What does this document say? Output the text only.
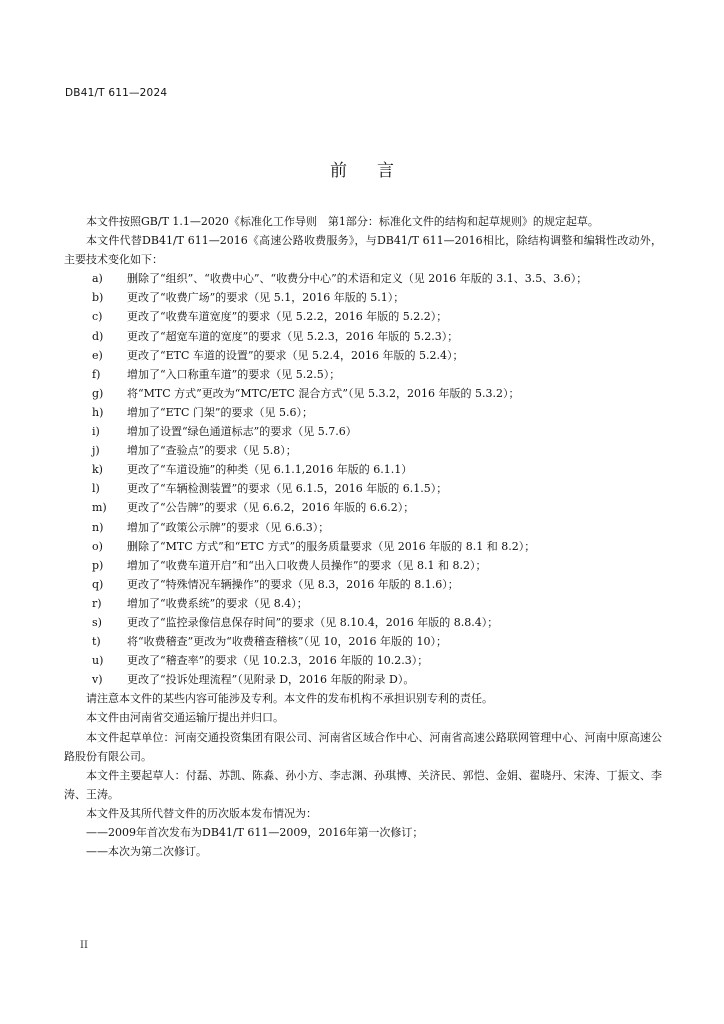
DB41/T 611—2024
前言

本文件按照GB/T 1.1—2020《标准化工作导则　第1部分：标准化文件的结构和起草规则》的规定起草。

本文件代替DB41/T 611—2016《高速公路收费服务》，与DB41/T 611—2016相比，除结构调整和编辑性改动外，主要技术变化如下：

a)	删除了“组织”、“收费中心”、“收费分中心”的术语和定义（见 2016 年版的 3.1、3.5、3.6）；
b)	更改了“收费广场”的要求（见 5.1，2016 年版的 5.1）；
c)	更改了“收费车道宽度”的要求（见 5.2.2，2016 年版的 5.2.2）；
d)	更改了“超宽车道的宽度”的要求（见 5.2.3，2016 年版的 5.2.3）；
e)	更改了“ETC 车道的设置”的要求（见 5.2.4，2016 年版的 5.2.4）；
f)	增加了“入口称重车道”的要求（见 5.2.5）；
g)	将“MTC 方式”更改为“MTC/ETC 混合方式”（见 5.3.2，2016 年版的 5.3.2）；
h)	增加了“ETC 门架”的要求（见 5.6）；
i)	增加了设置“绿色通道标志”的要求（见 5.7.6）
j)	增加了“查验点”的要求（见 5.8）；
k)	更改了“车道设施”的种类（见 6.1.1,2016 年版的 6.1.1）
l)	更改了“车辆检测装置”的要求（见 6.1.5，2016 年版的 6.1.5）；
m)	更改了“公告牌”的要求（见 6.6.2，2016 年版的 6.6.2）；
n)	增加了“政策公示牌”的要求（见 6.6.3）；
o)	删除了“MTC 方式”和“ETC 方式”的服务质量要求（见 2016 年版的 8.1 和 8.2）；
p)	增加了“收费车道开启”和“出入口收费人员操作”的要求（见 8.1 和 8.2）；
q)	更改了“特殊情况车辆操作”的要求（见 8.3，2016 年版的 8.1.6）；
r)	增加了“收费系统”的要求（见 8.4）；
s)	更改了“监控录像信息保存时间”的要求（见 8.10.4，2016 年版的 8.8.4）；
t)	将“收费稽查”更改为“收费稽查稽核”（见 10，2016 年版的 10）；
u)	更改了“稽查率”的要求（见 10.2.3，2016 年版的 10.2.3）；
v)	更改了“投诉处理流程”（见附录 D，2016 年版的附录 D）。

请注意本文件的某些内容可能涉及专利。本文件的发布机构不承担识别专利的责任。

本文件由河南省交通运输厅提出并归口。

本文件起草单位：河南交通投资集团有限公司、河南省区域合作中心、河南省高速公路联网管理中心、河南中原高速公路股份有限公司。

本文件主要起草人：付磊、苏凯、陈淼、孙小方、李志渊、孙琪博、关济民、郭恺、金娟、翟晓丹、宋涛、丁振文、李涛、王涛。

本文件及其所代替文件的历次版本发布情况为：

——2009年首次发布为DB41/T 611—2009，2016年第一次修订；

——本次为第二次修订。

II
